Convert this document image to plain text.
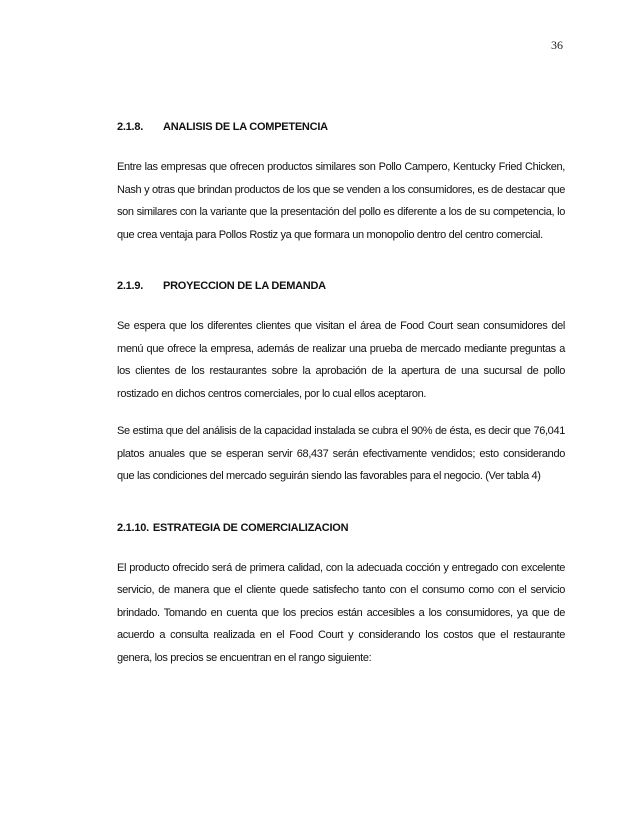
36
2.1.8. ANALISIS DE LA COMPETENCIA

Entre las empresas que ofrecen productos similares son Pollo Campero, Kentucky Fried Chicken, Nash y otras que brindan productos de los que se venden a los consumidores, es de destacar que son similares con la variante que la presentación del pollo es diferente a los de su competencia, lo que crea ventaja para Pollos Rostiz ya que formara un monopolio dentro del centro comercial.

2.1.9. PROYECCION DE LA DEMANDA

Se espera que los diferentes clientes que visitan el área de Food Court sean consumidores del menú que ofrece la empresa, además de realizar una prueba de mercado mediante preguntas a los clientes de los restaurantes sobre la aprobación de la apertura de una sucursal de pollo rostizado en dichos centros comerciales, por lo cual ellos aceptaron.

Se estima que del análisis de la capacidad instalada se cubra el 90% de ésta, es decir que 76,041 platos anuales que se esperan servir 68,437 serán efectivamente vendidos; esto considerando que las condiciones del mercado seguirán siendo las favorables para el negocio. (Ver tabla 4)

2.1.10. ESTRATEGIA DE COMERCIALIZACION

El producto ofrecido será de primera calidad, con la adecuada cocción y entregado con excelente servicio, de manera que el cliente quede satisfecho tanto con el consumo como con el servicio brindado. Tomando en cuenta que los precios están accesibles a los consumidores, ya que de acuerdo a consulta realizada en el Food Court y considerando los costos que el restaurante genera, los precios se encuentran en el rango siguiente:
